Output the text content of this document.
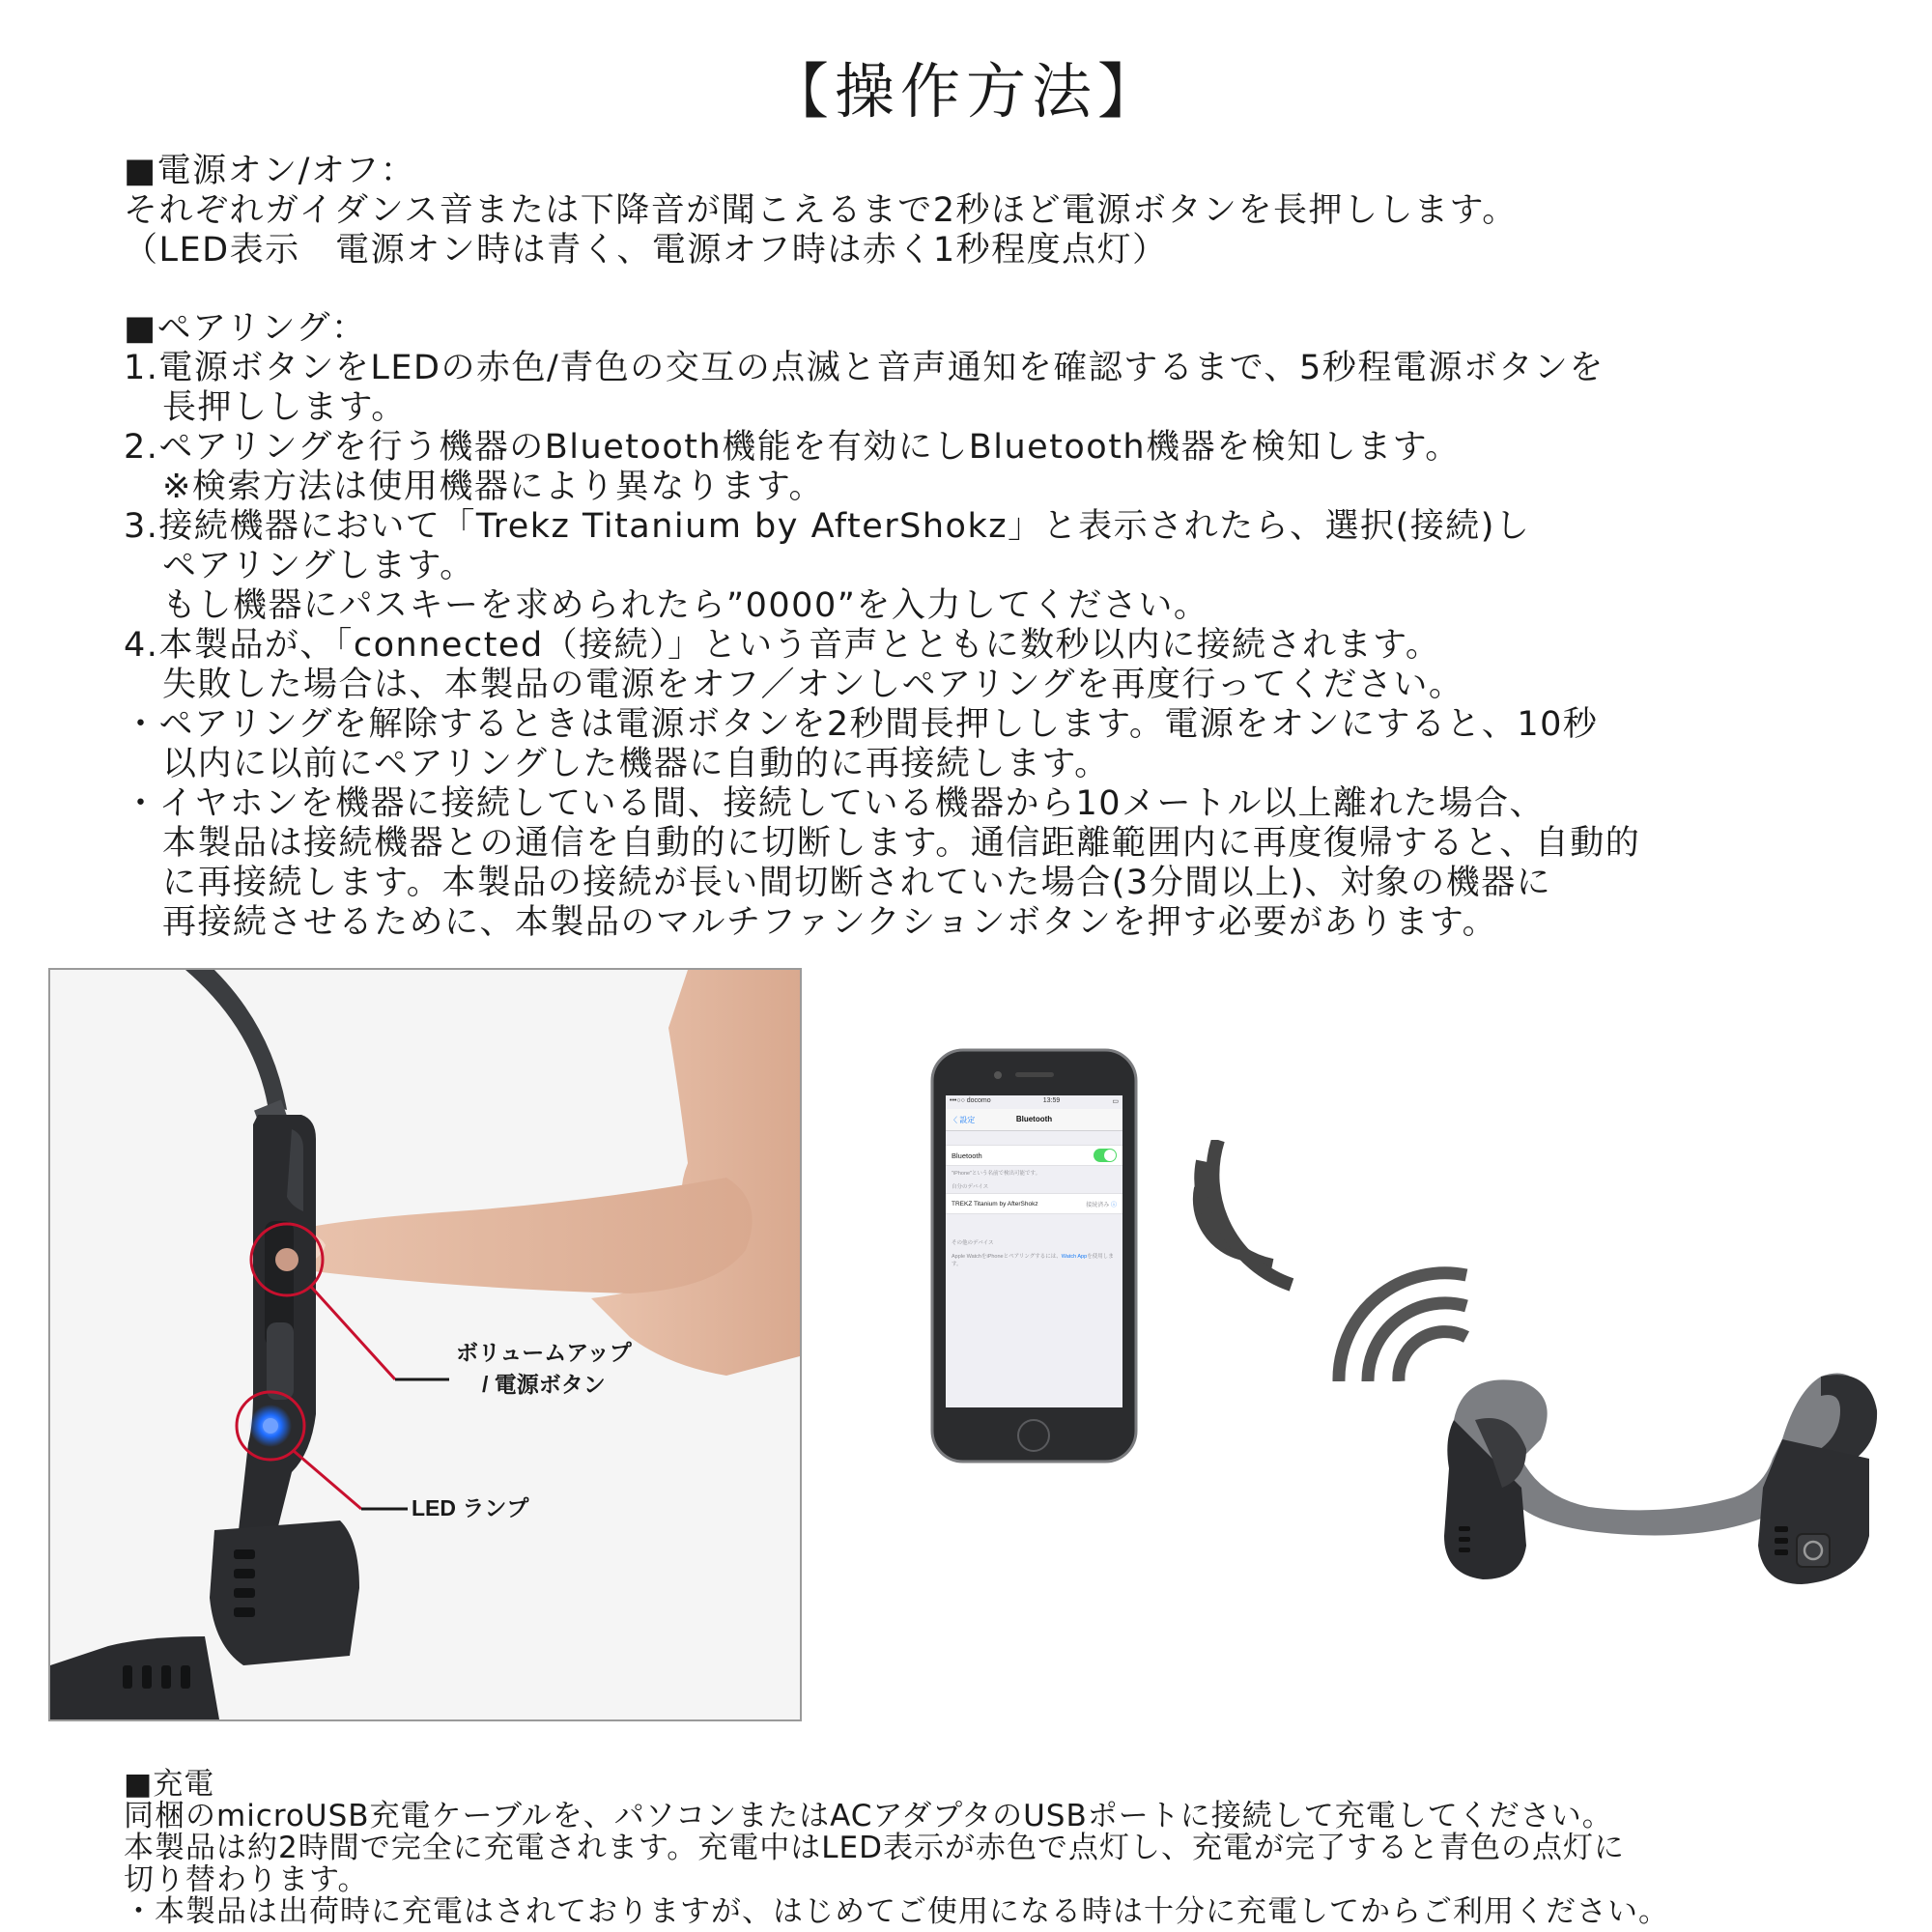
【操作方法】

■電源オン/オフ：

それぞれガイダンス音または下降音が聞こえるまで2秒ほど電源ボタンを長押しします。

（LED表示　電源オン時は青く、電源オフ時は赤く1秒程度点灯）

■ペアリング：

1.電源ボタンをLEDの赤色/青色の交互の点滅と音声通知を確認するまで、5秒程電源ボタンを

長押しします。

2.ペアリングを行う機器のBluetooth機能を有効にしBluetooth機器を検知します。

※検索方法は使用機器により異なります。

3.接続機器において「Trekz Titanium by AfterShokz」と表示されたら、選択(接続)し

ペアリングします。

もし機器にパスキーを求められたら”0000”を入力してください。

4.本製品が、「connected（接続）」という音声とともに数秒以内に接続されます。

失敗した場合は、本製品の電源をオフ／オンしペアリングを再度行ってください。

・ペアリングを解除するときは電源ボタンを2秒間長押しします。電源をオンにすると、10秒

以内に以前にペアリングした機器に自動的に再接続します。

・イヤホンを機器に接続している間、接続している機器から10メートル以上離れた場合、

本製品は接続機器との通信を自動的に切断します。通信距離範囲内に再度復帰すると、自動的

に再接続します。本製品の接続が長い間切断されていた場合(3分間以上)、対象の機器に

再接続させるために、本製品のマルチファンクションボタンを押す必要があります。

ボリュームアップ
/ 電源ボタン
LED ランプ
•••○○ docomo	13:59	▭
〈 設定	Bluetooth
Bluetooth
"iPhone"という名前で検出可能です。
自分のデバイス
TREKZ Titanium by AfterShokz	接続済み ⓘ
その他のデバイス
Apple WatchをiPhoneとペアリングするには、Watch Appを使用します。

■充電

同梱のmicroUSB充電ケーブルを、パソコンまたはACアダプタのUSBポートに接続して充電してください。

本製品は約2時間で完全に充電されます。充電中はLED表示が赤色で点灯し、充電が完了すると青色の点灯に

切り替わります。

・本製品は出荷時に充電はされておりますが、はじめてご使用になる時は十分に充電してからご利用ください。
